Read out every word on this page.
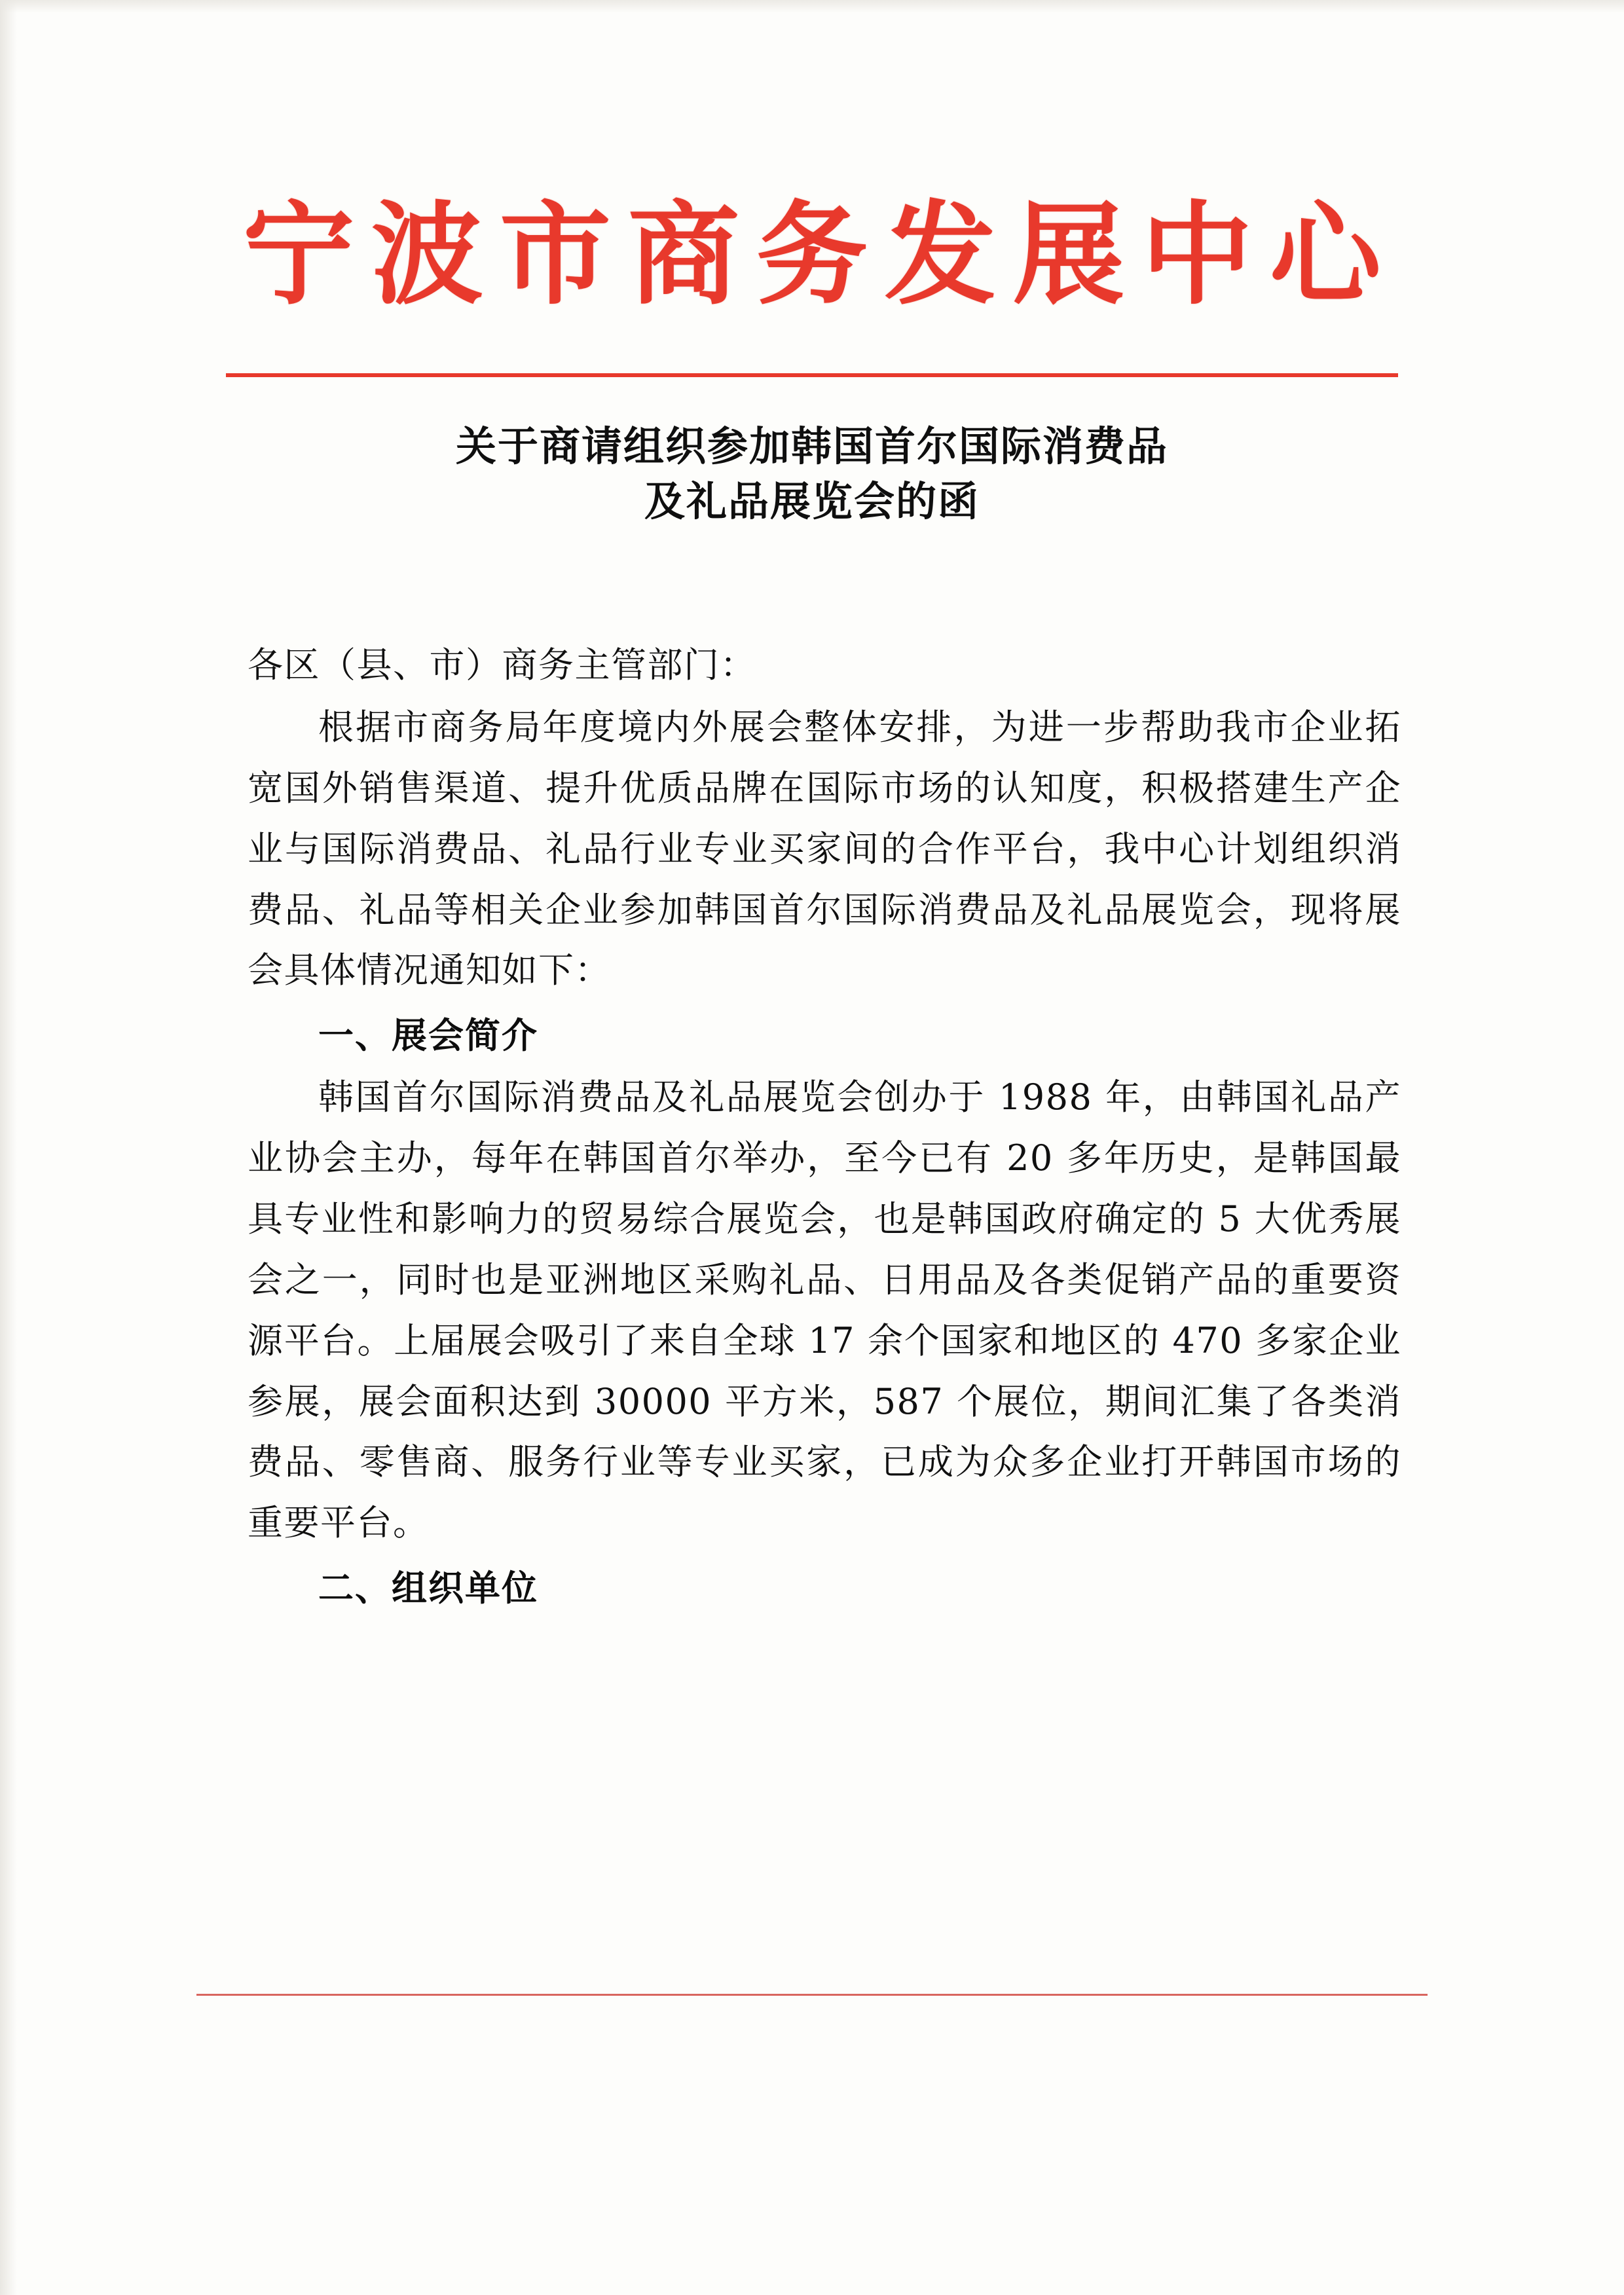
宁波市商务发展中心
关于商请组织参加韩国首尔国际消费品
及礼品展览会的函

各区（县、市）商务主管部门：

根据市商务局年度境内外展会整体安排，为进一步帮助我市企业拓宽国外销售渠道、提升优质品牌在国际市场的认知度，积极搭建生产企业与国际消费品、礼品行业专业买家间的合作平台，我中心计划组织消费品、礼品等相关企业参加韩国首尔国际消费品及礼品展览会，现将展会具体情况通知如下：

一、展会简介

韩国首尔国际消费品及礼品展览会创办于 1988 年，由韩国礼品产业协会主办，每年在韩国首尔举办，至今已有 20 多年历史，是韩国最具专业性和影响力的贸易综合展览会，也是韩国政府确定的 5 大优秀展会之一，同时也是亚洲地区采购礼品、日用品及各类促销产品的重要资源平台。上届展会吸引了来自全球 17 余个国家和地区的 470 多家企业参展，展会面积达到 30000 平方米，587 个展位，期间汇集了各类消费品、零售商、服务行业等专业买家，已成为众多企业打开韩国市场的重要平台。

二、组织单位
